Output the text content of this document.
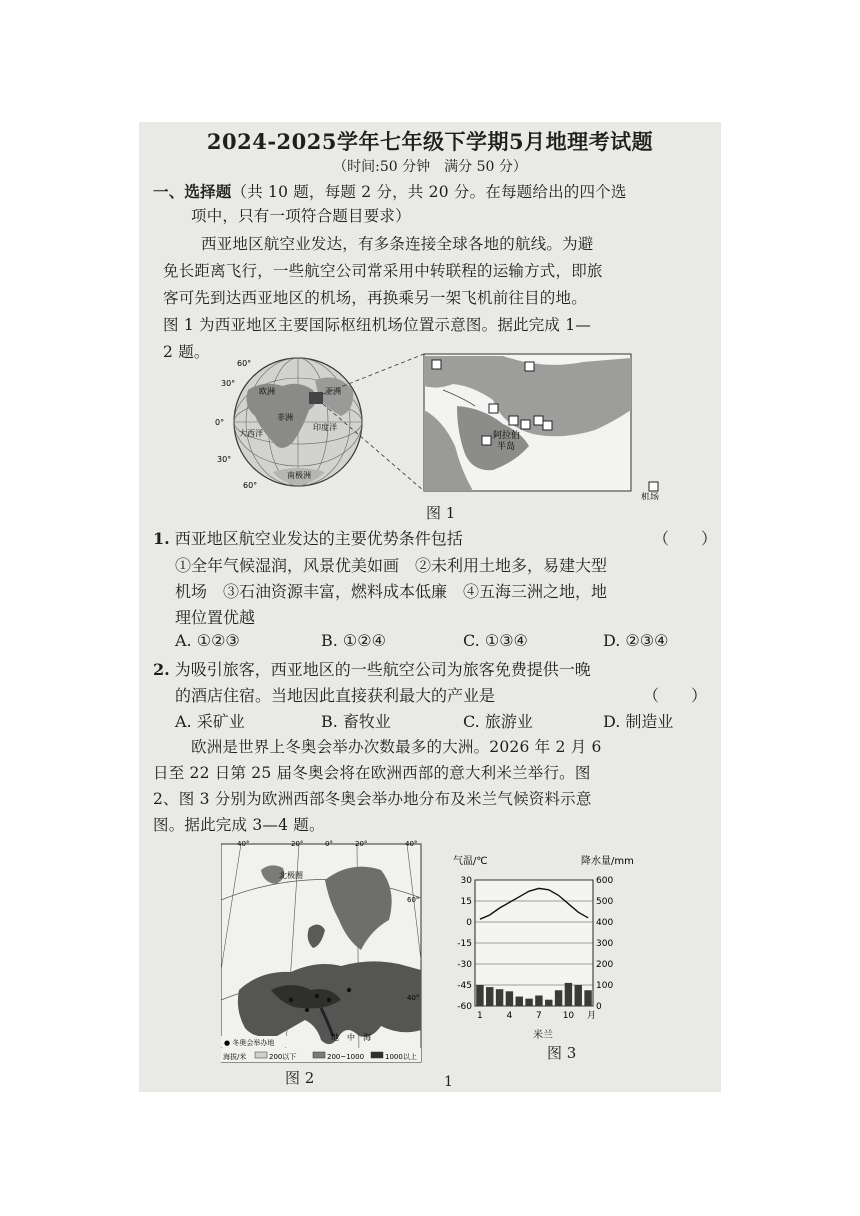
2024-2025学年七年级下学期5月地理考试题
（时间:50 分钟　满分 50 分）
一、选择题（共 10 题，每题 2 分，共 20 分。在每题给出的四个选
项中，只有一项符合题目要求）
西亚地区航空业发达，有多条连接全球各地的航线。为避
免长距离飞行，一些航空公司常采用中转联程的运输方式，即旅
客可先到达西亚地区的机场，再换乘另一架飞机前往目的地。
图 1 为西亚地区主要国际枢纽机场位置示意图。据此完成 1—
2 题。
60°
30°
0°
30°
60°
亚洲
非洲
南极洲
印度洋
欧洲
大西洋	阿拉伯
半岛
机场
图 1
1. 西亚地区航空业发达的主要优势条件包括	（　　）
①全年气候湿润，风景优美如画　②未利用土地多，易建大型
机场　③石油资源丰富，燃料成本低廉　④五海三洲之地，地
理位置优越
A. ①②③	B. ①②④	C. ①③④	D. ②③④
2. 为吸引旅客，西亚地区的一些航空公司为旅客免费提供一晚
的酒店住宿。当地因此直接获利最大的产业是	（　　）
A. 采矿业	B. 畜牧业	C. 旅游业	D. 制造业
欧洲是世界上冬奥会举办次数最多的大洲。2026 年 2 月 6
日至 22 日第 25 届冬奥会将在欧洲西部的意大利米兰举行。图
2、图 3 分别为欧洲西部冬奥会举办地分布及米兰气候资料示意
图。据此完成 3—4 题。
40°	20°	0°	20°	40°
60°
40°
北极圈
地　中　海
● 冬奥会举办地
海拔/米	200以下	200~1000	1000以上
图 2
气温/℃	降水量/mm
30
15
0
-15
-30
-45
-60
600
500
400
300
200
100
0
1	4	7 10 月
米兰
图 3
1
